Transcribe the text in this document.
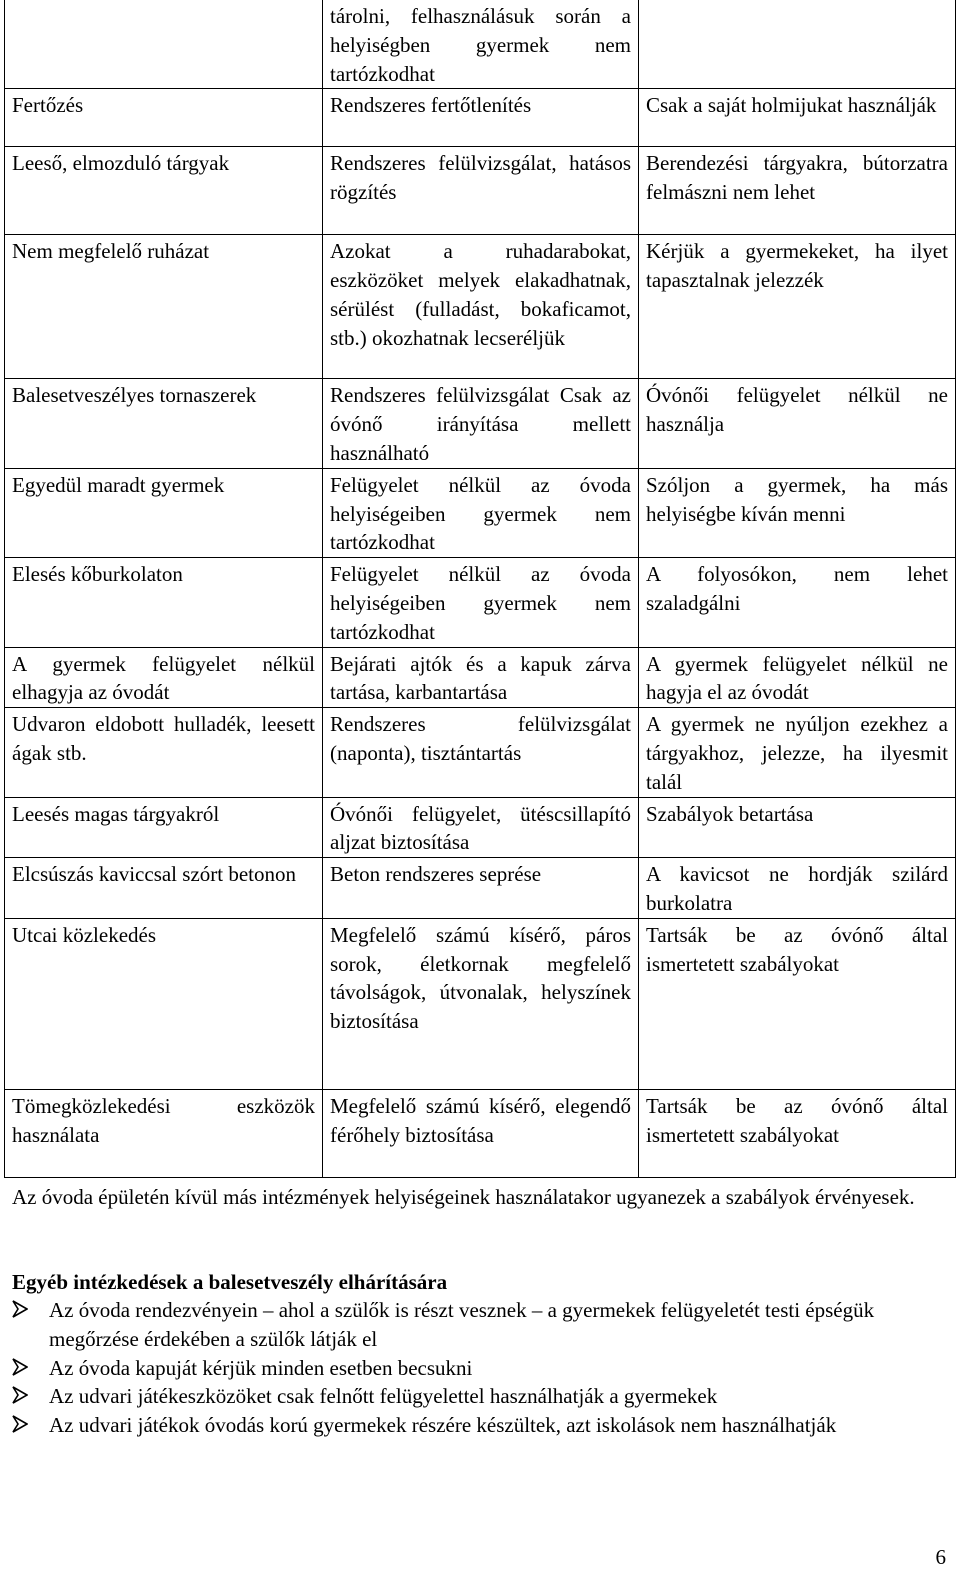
	tárolni, felhasználásuk során a helyiségben gyermek nem tartózkodhat	
Fertőzés	Rendszeres fertőtlenítés	Csak a saját holmijukat használják
Leeső, elmozduló tárgyak	Rendszeres felülvizsgálat, hatásos rögzítés	Berendezési tárgyakra, bútorzatra felmászni nem lehet
Nem megfelelő ruházat	Azokat a ruhadarabokat, eszközöket melyek elakadhatnak, sérülést (fulladást, bokaficamot, stb.) okozhatnak lecseréljük	Kérjük a gyermekeket, ha ilyet tapasztalnak jelezzék
Balesetveszélyes tornaszerek	Rendszeres felülvizsgálat Csak az óvónő irányítása mellett használható	Óvónői felügyelet nélkül ne használja
Egyedül maradt gyermek	Felügyelet nélkül az óvoda helyiségeiben gyermek nem tartózkodhat	Szóljon a gyermek, ha más helyiségbe kíván menni
Elesés kőburkolaton	Felügyelet nélkül az óvoda helyiségeiben gyermek nem tartózkodhat	A folyosókon, nem lehet szaladgálni
A gyermek felügyelet nélkül elhagyja az óvodát	Bejárati ajtók és a kapuk zárva tartása, karbantartása	A gyermek felügyelet nélkül ne hagyja el az óvodát
Udvaron eldobott hulladék, leesett ágak stb.	Rendszeres felülvizsgálat (naponta), tisztántartás	A gyermek ne nyúljon ezekhez a tárgyakhoz, jelezze, ha ilyesmit talál
Leesés magas tárgyakról	Óvónői felügyelet, ütéscsillapító aljzat biztosítása	Szabályok betartása
Elcsúszás kaviccsal szórt betonon	Beton rendszeres seprése	A kavicsot ne hordják szilárd burkolatra
Utcai közlekedés	Megfelelő számú kísérő, páros sorok, életkornak megfelelő távolságok, útvonalak, helyszínek biztosítása	Tartsák be az óvónő által ismertetett szabályokat
Tömegközlekedési eszközök használata	Megfelelő számú kísérő, elegendő férőhely biztosítása	Tartsák be az óvónő által ismertetett szabályokat
Az óvoda épületén kívül más intézmények helyiségeinek használatakor ugyanezek a szabályok érvényesek.
Egyéb intézkedések a balesetveszély elhárítására
Az óvoda rendezvényein – ahol a szülők is részt vesznek – a gyermekek felügyeletét testi épségük megőrzése érdekében a szülők látják el
Az óvoda kapuját kérjük minden esetben becsukni
Az udvari játékeszközöket csak felnőtt felügyelettel használhatják a gyermekek
Az udvari játékok óvodás korú gyermekek részére készültek, azt iskolások nem használhatják
6
